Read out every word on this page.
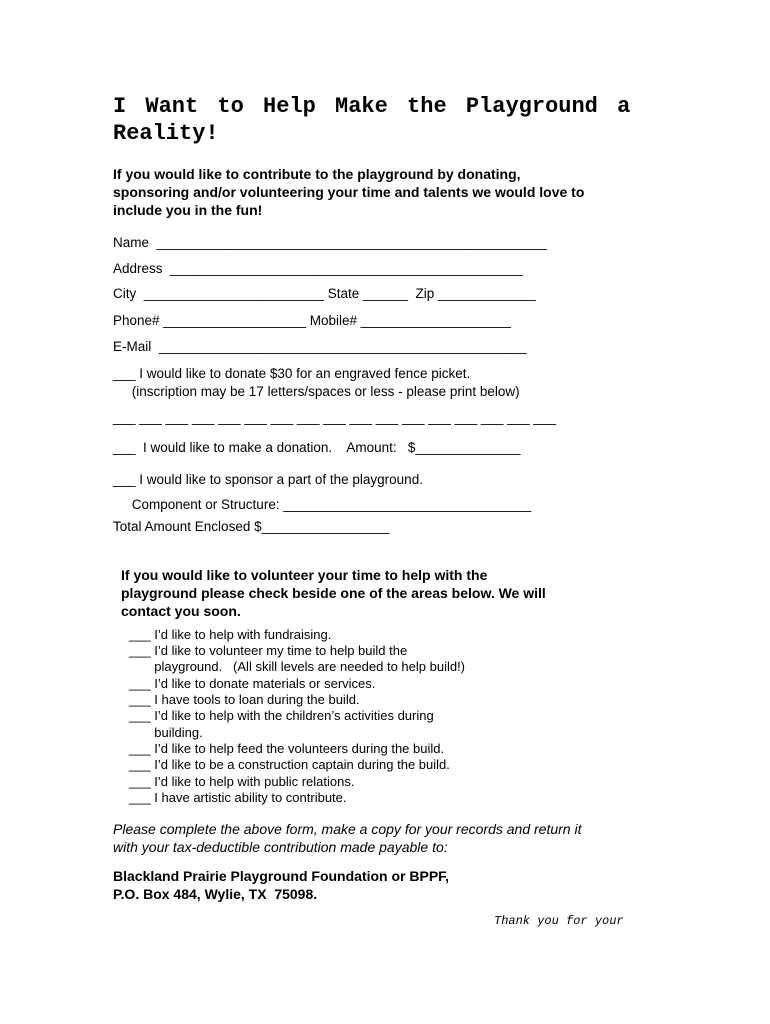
I Want to Help Make the Playground a Reality!
If you would like to contribute to the playground by donating, sponsoring and/or volunteering your time and talents we would love to include you in the fun!
Name  ____________________________________________________
Address  _______________________________________________
City  ________________________ State ______  Zip _____________
Phone# ___________________ Mobile# ____________________
E-Mail  _________________________________________________
___ I would like to donate $30 for an engraved fence picket.
(inscription may be 17 letters/spaces or less - please print below)
___ ___ ___ ___ ___ ___ ___ ___ ___ ___ ___ ___ ___ ___ ___ ___ ___
___  I would like to make a donation.    Amount:   $______________
___ I would like to sponsor a part of the playground.
Component or Structure: _________________________________
Total Amount Enclosed $_________________
If you would like to volunteer your time to help with the playground please check beside one of the areas below. We will contact you soon.
___ I’d like to help with fundraising.
___ I’d like to volunteer my time to help build the
playground.   (All skill levels are needed to help build!)
___ I’d like to donate materials or services.
___ I have tools to loan during the build.
___ I’d like to help with the children’s activities during
building.
___ I’d like to help feed the volunteers during the build.
___ I’d like to be a construction captain during the build.
___ I’d like to help with public relations.
___ I have artistic ability to contribute.
Please complete the above form, make a copy for your records and return it with your tax-deductible contribution made payable to:
Blackland Prairie Playground Foundation or BPPF,
P.O. Box 484, Wylie, TX  75098.
Thank you for your
